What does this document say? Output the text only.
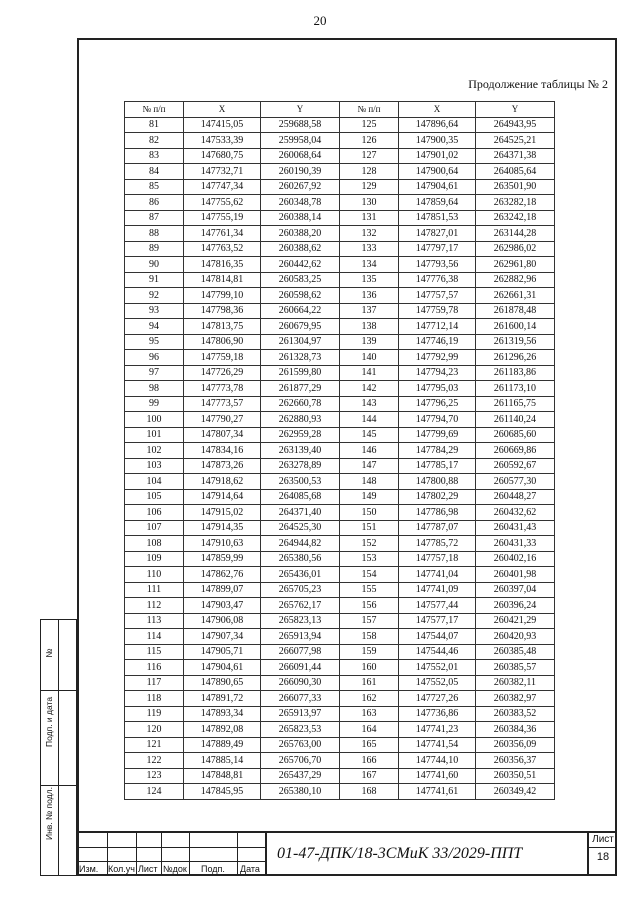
20
Продолжение таблицы № 2
№ п/п	X	Y	№ п/п	X	Y
81	147415,05	259688,58	125	147896,64	264943,95
82	147533,39	259958,04	126	147900,35	264525,21
83	147680,75	260068,64	127	147901,02	264371,38
84	147732,71	260190,39	128	147900,64	264085,64
85	147747,34	260267,92	129	147904,61	263501,90
86	147755,62	260348,78	130	147859,64	263282,18
87	147755,19	260388,14	131	147851,53	263242,18
88	147761,34	260388,20	132	147827,01	263144,28
89	147763,52	260388,62	133	147797,17	262986,02
90	147816,35	260442,62	134	147793,56	262961,80
91	147814,81	260583,25	135	147776,38	262882,96
92	147799,10	260598,62	136	147757,57	262661,31
93	147798,36	260664,22	137	147759,78	261878,48
94	147813,75	260679,95	138	147712,14	261600,14
95	147806,90	261304,97	139	147746,19	261319,56
96	147759,18	261328,73	140	147792,99	261296,26
97	147726,29	261599,80	141	147794,23	261183,86
98	147773,78	261877,29	142	147795,03	261173,10
99	147773,57	262660,78	143	147796,25	261165,75
100	147790,27	262880,93	144	147794,70	261140,24
101	147807,34	262959,28	145	147799,69	260685,60
102	147834,16	263139,40	146	147784,29	260669,86
103	147873,26	263278,89	147	147785,17	260592,67
104	147918,62	263500,53	148	147800,88	260577,30
105	147914,64	264085,68	149	147802,29	260448,27
106	147915,02	264371,40	150	147786,98	260432,62
107	147914,35	264525,30	151	147787,07	260431,43
108	147910,63	264944,82	152	147785,72	260431,33
109	147859,99	265380,56	153	147757,18	260402,16
110	147862,76	265436,01	154	147741,04	260401,98
111	147899,07	265705,23	155	147741,09	260397,04
112	147903,47	265762,17	156	147577,44	260396,24
113	147906,08	265823,13	157	147577,17	260421,29
114	147907,34	265913,94	158	147544,07	260420,93
115	147905,71	266077,98	159	147544,46	260385,48
116	147904,61	266091,44	160	147552,01	260385,57
117	147890,65	266090,30	161	147552,05	260382,11
118	147891,72	266077,33	162	147727,26	260382,97
119	147893,34	265913,97	163	147736,86	260383,52
120	147892,08	265823,53	164	147741,23	260384,36
121	147889,49	265763,00	165	147741,54	260356,09
122	147885,14	265706,70	166	147744,10	260356,37
123	147848,81	265437,29	167	147741,60	260350,51
124	147845,95	265380,10	168	147741,61	260349,42
№
Подп. и дата
Инв. № подл.
Изм. Кол.уч Лист №док Подп. Дата
01-47-ДПК/18-3СМиК 33/2029-ППТ
Лист
18
